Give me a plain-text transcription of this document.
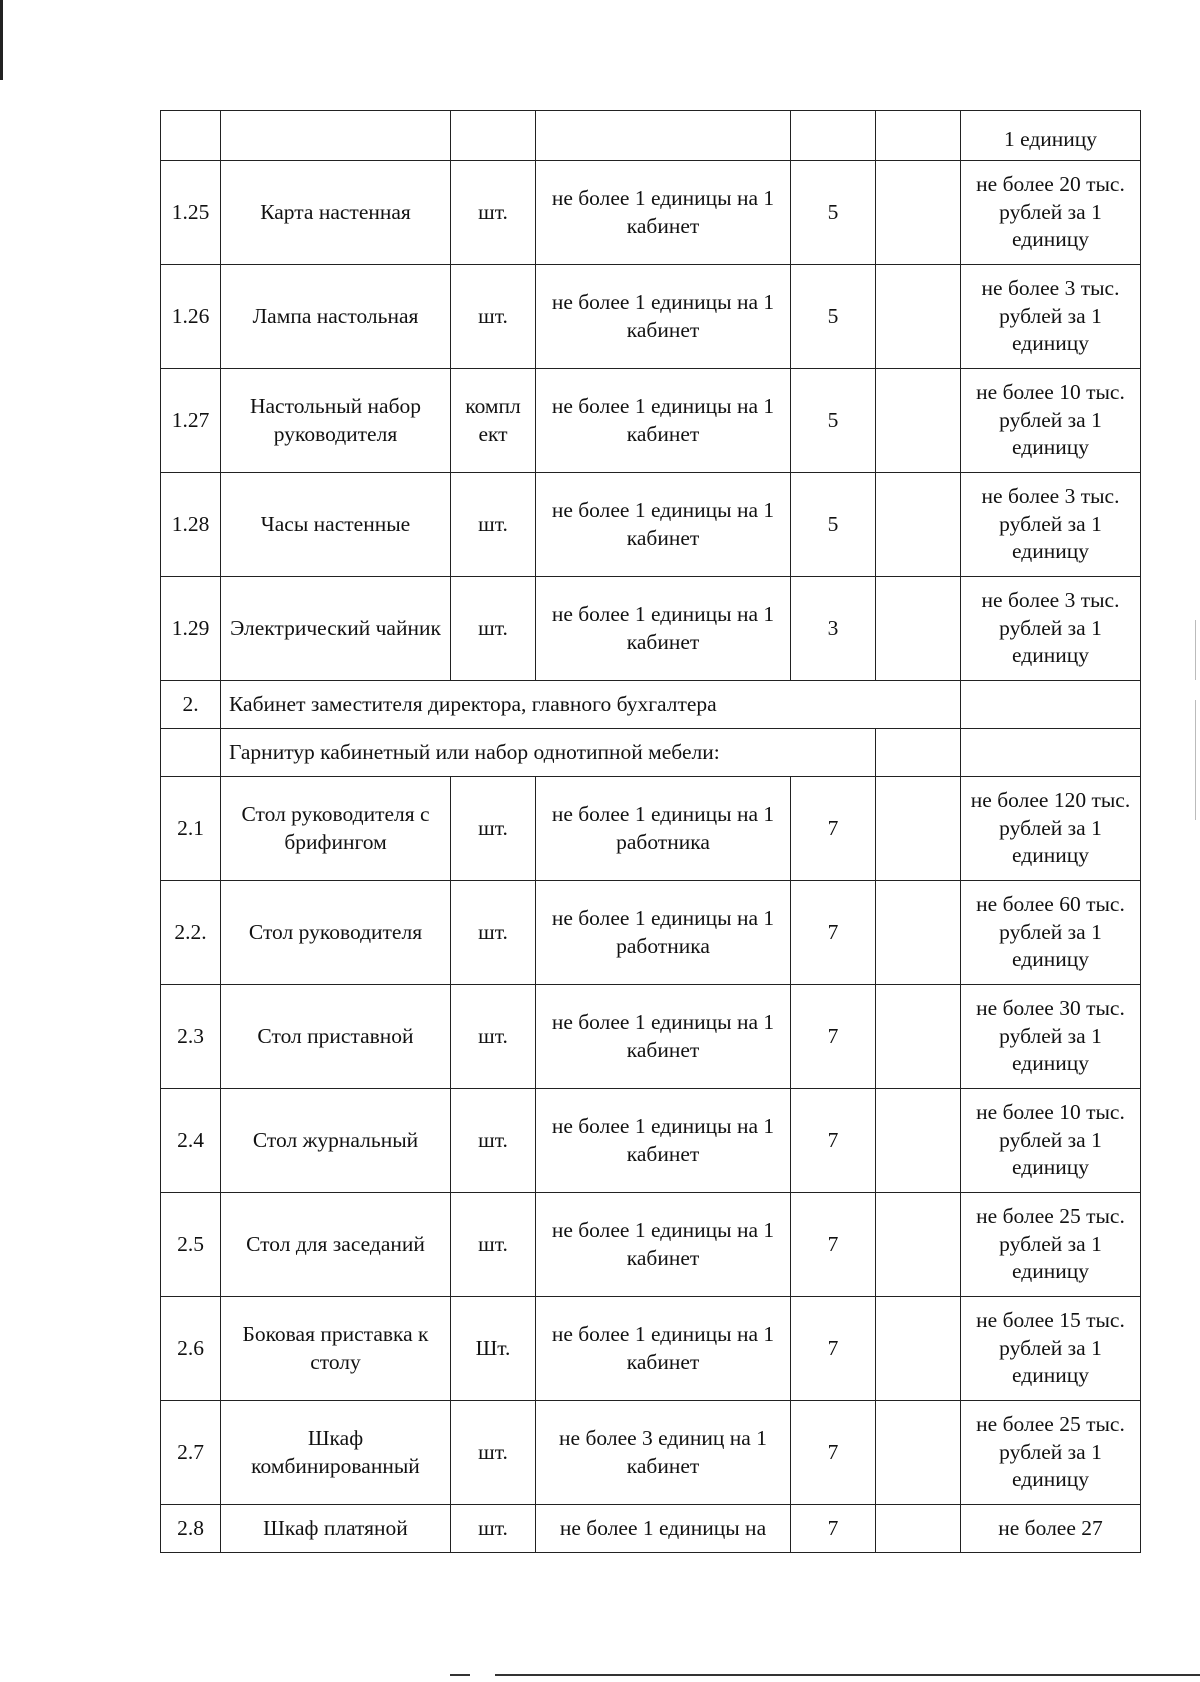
						1 единицу
1.25	Карта настенная	шт.	не более 1 единицы на 1 кабинет	5		не более 20 тыс. рублей за 1 единицу
1.26	Лампа настольная	шт.	не более 1 единицы на 1 кабинет	5		не более 3 тыс. рублей за 1 единицу
1.27	Настольный набор руководителя	компл ект	не более 1 единицы на 1 кабинет	5		не более 10 тыс. рублей за 1 единицу
1.28	Часы настенные	шт.	не более 1 единицы на 1 кабинет	5		не более 3 тыс. рублей за 1 единицу
1.29	Электрический чайник	шт.	не более 1 единицы на 1 кабинет	3		не более 3 тыс. рублей за 1 единицу
2.	Кабинет заместителя директора, главного бухгалтера					
	Гарнитур кабинетный или набор однотипной мебели:					
2.1	Стол руководителя с брифингом	шт.	не более 1 единицы на 1 работника	7		не более 120 тыс. рублей за 1 единицу
2.2.	Стол руководителя	шт.	не более 1 единицы на 1 работника	7		не более 60 тыс. рублей за 1 единицу
2.3	Стол приставной	шт.	не более 1 единицы на 1 кабинет	7		не более 30 тыс. рублей за 1 единицу
2.4	Стол журнальный	шт.	не более 1 единицы на 1 кабинет	7		не более 10 тыс. рублей за 1 единицу
2.5	Стол для заседаний	шт.	не более 1 единицы на 1 кабинет	7		не более 25 тыс. рублей за 1 единицу
2.6	Боковая приставка к столу	Шт.	не более 1 единицы на 1 кабинет	7		не более 15 тыс. рублей за 1 единицу
2.7	Шкаф комбинированный	шт.	не более 3 единиц на 1 кабинет	7		не более 25 тыс. рублей за 1 единицу
2.8	Шкаф платяной	шт.	не более 1 единицы на	7		не более 27
